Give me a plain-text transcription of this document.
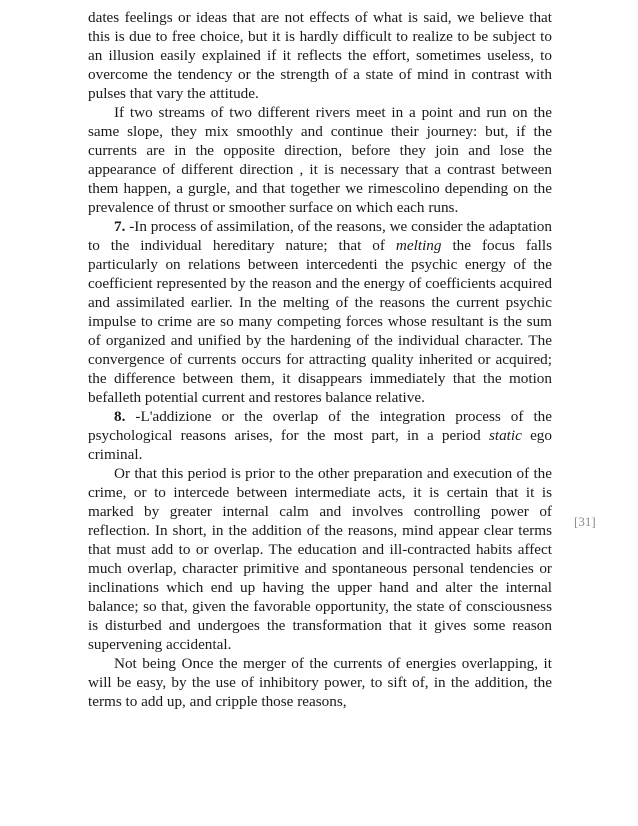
dates feelings or ideas that are not effects of what is said, we believe that this is due to free choice, but it is hardly difficult to realize to be subject to an illusion easily explained if it reflects the effort, sometimes useless, to overcome the tendency or the strength of a state of mind in contrast with pulses that vary the attitude.

If two streams of two different rivers meet in a point and run on the same slope, they mix smoothly and continue their journey: but, if the currents are in the opposite direction, before they join and lose the appearance of different direction , it is necessary that a contrast between them happen, a gurgle, and that together we rimescolino depending on the prevalence of thrust or smoother surface on which each runs.

7. -In process of assimilation, of the reasons, we consider the adaptation to the individual hereditary nature; that of melting the focus falls particularly on relations between intercedenti the psychic energy of the coefficient represented by the reason and the energy of coefficients acquired and assimilated earlier. In the melting of the reasons the current psychic impulse to crime are so many competing forces whose resultant is the sum of organized and unified by the hardening of the individual character. The convergence of currents occurs for attracting quality inherited or acquired; the difference between them, it disappears immediately that the motion befalleth potential current and restores balance relative.

8. -L'addizione or the overlap of the integration process of the psychological reasons arises, for the most part, in a period static ego criminal.

Or that this period is prior to the other preparation and execution of the crime, or to intercede between intermediate acts, it is certain that it is marked by greater internal calm and involves controlling power of reflection. In short, in the addition of the reasons, mind appear clear terms that must add to or overlap. The education and ill-contracted habits affect much overlap, character primitive and spontaneous personal tendencies or inclinations which end up having the upper hand and alter the internal balance; so that, given the favorable opportunity, the state of consciousness is disturbed and undergoes the transformation that it gives some reason supervening accidental.

Not being Once the merger of the currents of energies overlapping, it will be easy, by the use of inhibitory power, to sift of, in the addition, the terms to add up, and cripple those reasons,

[31]
